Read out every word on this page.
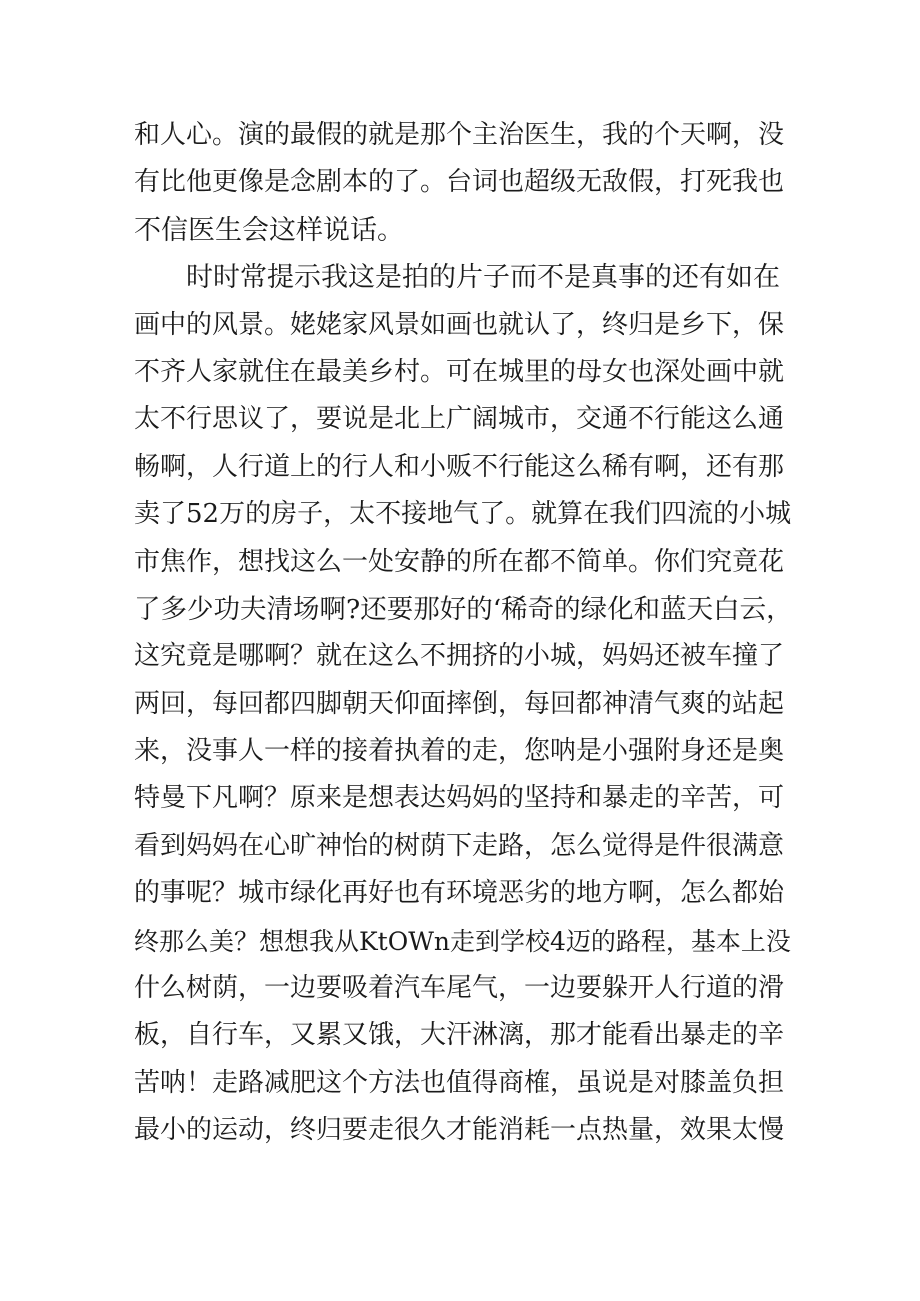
和人心。演的最假的就是那个主治医生，我的个天啊，没
有比他更像是念剧本的了。台词也超级无敌假，打死我也
不信医生会这样说话。
时时常提示我这是拍的片子而不是真事的还有如在
画中的风景。姥姥家风景如画也就认了，终归是乡下，保
不齐人家就住在最美乡村。可在城里的母女也深处画中就
太不行思议了，要说是北上广阔城市，交通不行能这么通
畅啊，人行道上的行人和小贩不行能这么稀有啊，还有那
卖了52万的房子，太不接地气了。就算在我们四流的小城
市焦作，想找这么一处安静的所在都不简单。你们究竟花
了多少功夫清场啊?还要那好的‘稀奇的绿化和蓝天白云，
这究竟是哪啊？就在这么不拥挤的小城，妈妈还被车撞了
两回，每回都四脚朝天仰面摔倒，每回都神清气爽的站起
来，没事人一样的接着执着的走，您呐是小强附身还是奥
特曼下凡啊？原来是想表达妈妈的坚持和暴走的辛苦，可
看到妈妈在心旷神怡的树荫下走路，怎么觉得是件很满意
的事呢？城市绿化再好也有环境恶劣的地方啊，怎么都始
终那么美？想想我从KtOWn走到学校4迈的路程，基本上没
什么树荫，一边要吸着汽车尾气，一边要躲开人行道的滑
板，自行车，又累又饿，大汗淋漓，那才能看出暴走的辛
苦呐！走路减肥这个方法也值得商榷，虽说是对膝盖负担
最小的运动，终归要走很久才能消耗一点热量，效果太慢
